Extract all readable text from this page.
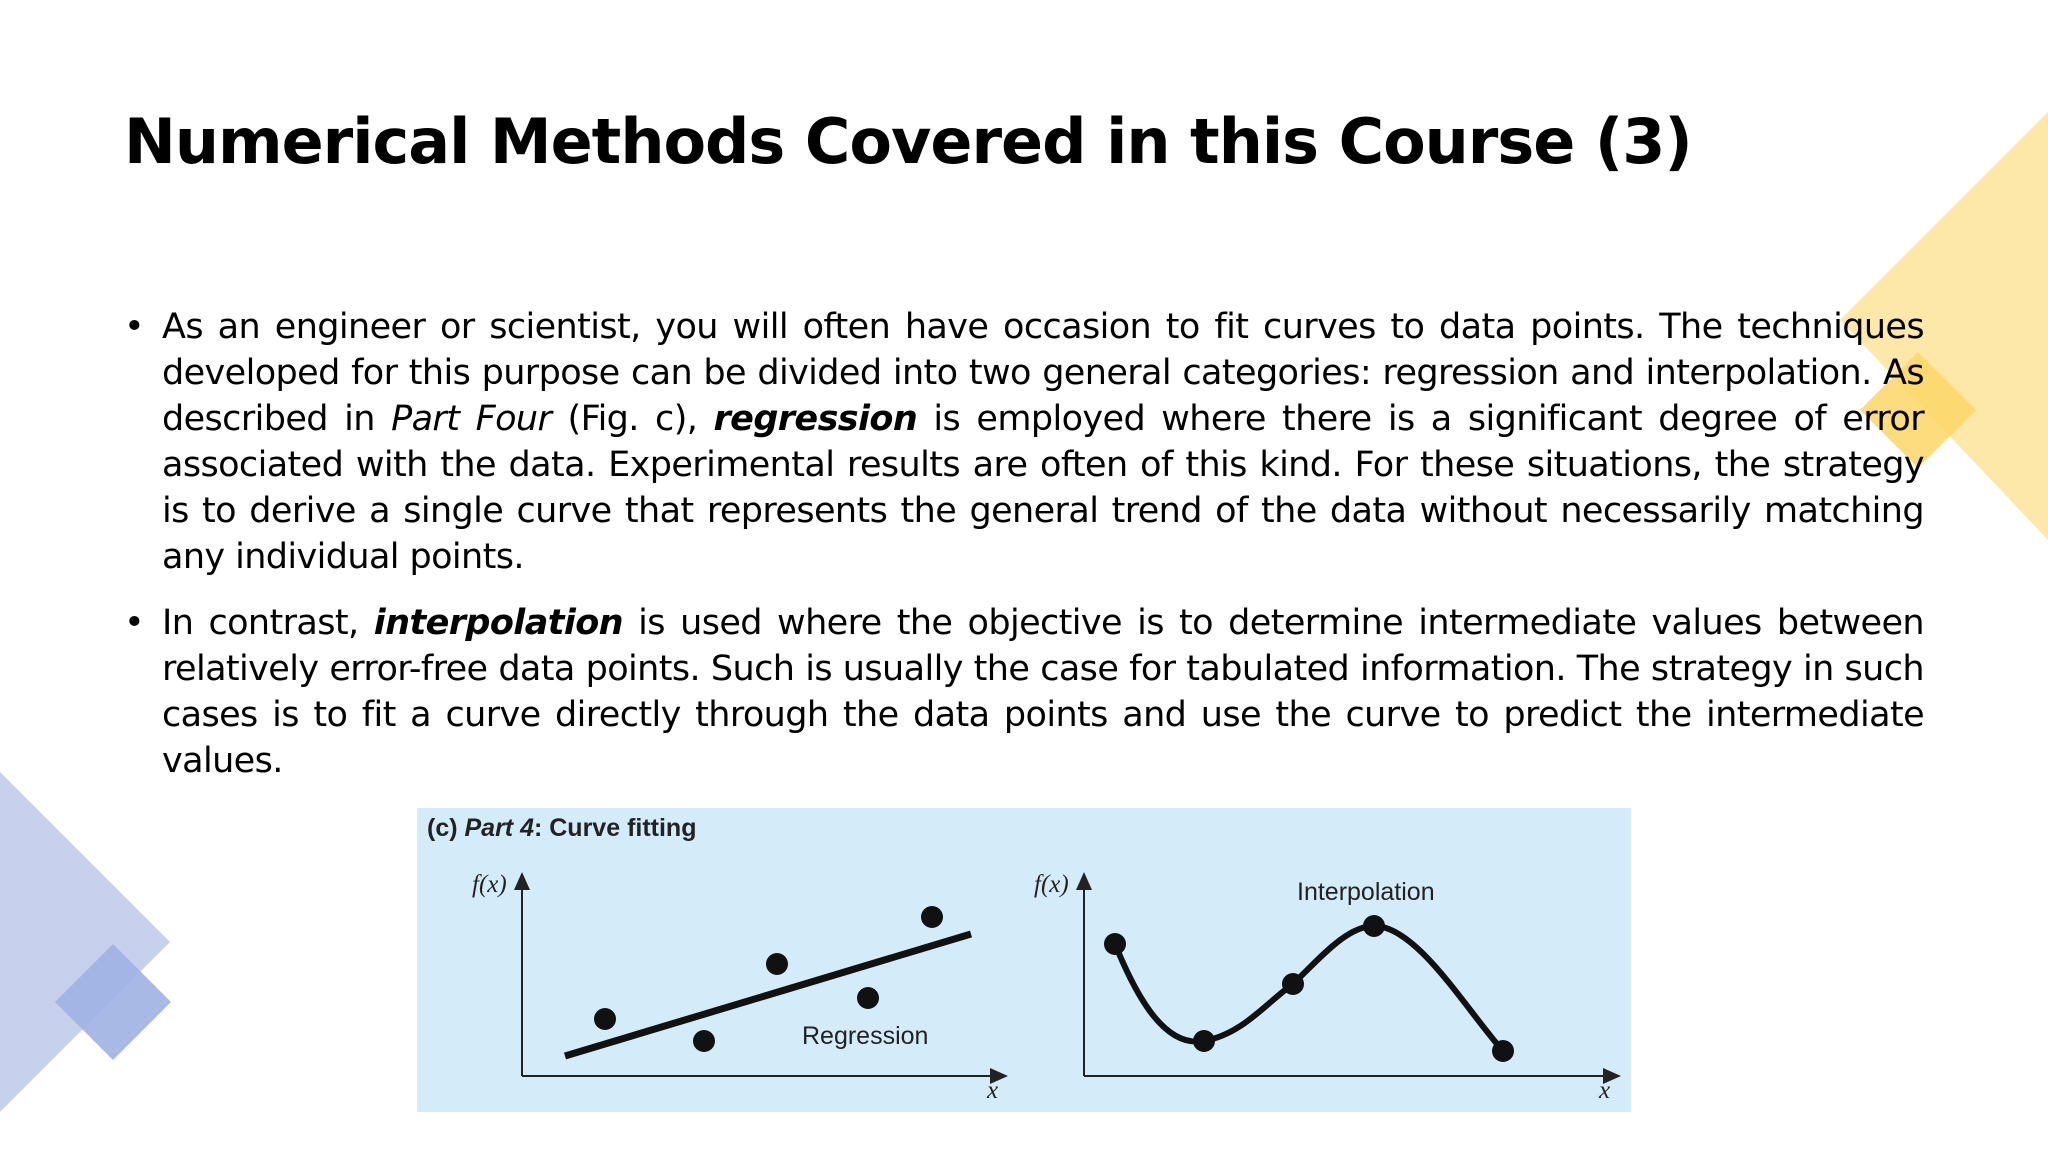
Numerical Methods Covered in this Course (3)
• As an engineer or scientist, you will often have occasion to fit curves to data points. The techniques developed for this purpose can be divided into two general categories: regression and interpolation. As described in Part Four (Fig. c), regression is employed where there is a significant degree of error associated with the data. Experimental results are often of this kind. For these situations, the strategy is to derive a single curve that represents the general trend of the data without necessarily matching any individual points.
• In contrast, interpolation is used where the objective is to determine intermediate values between relatively error-free data points. Such is usually the case for tabulated information. The strategy in such cases is to fit a curve directly through the data points and use the curve to predict the intermediate values.
(c) Part 4: Curve fitting
f(x)
x
Regression
f(x)
x
Interpolation
